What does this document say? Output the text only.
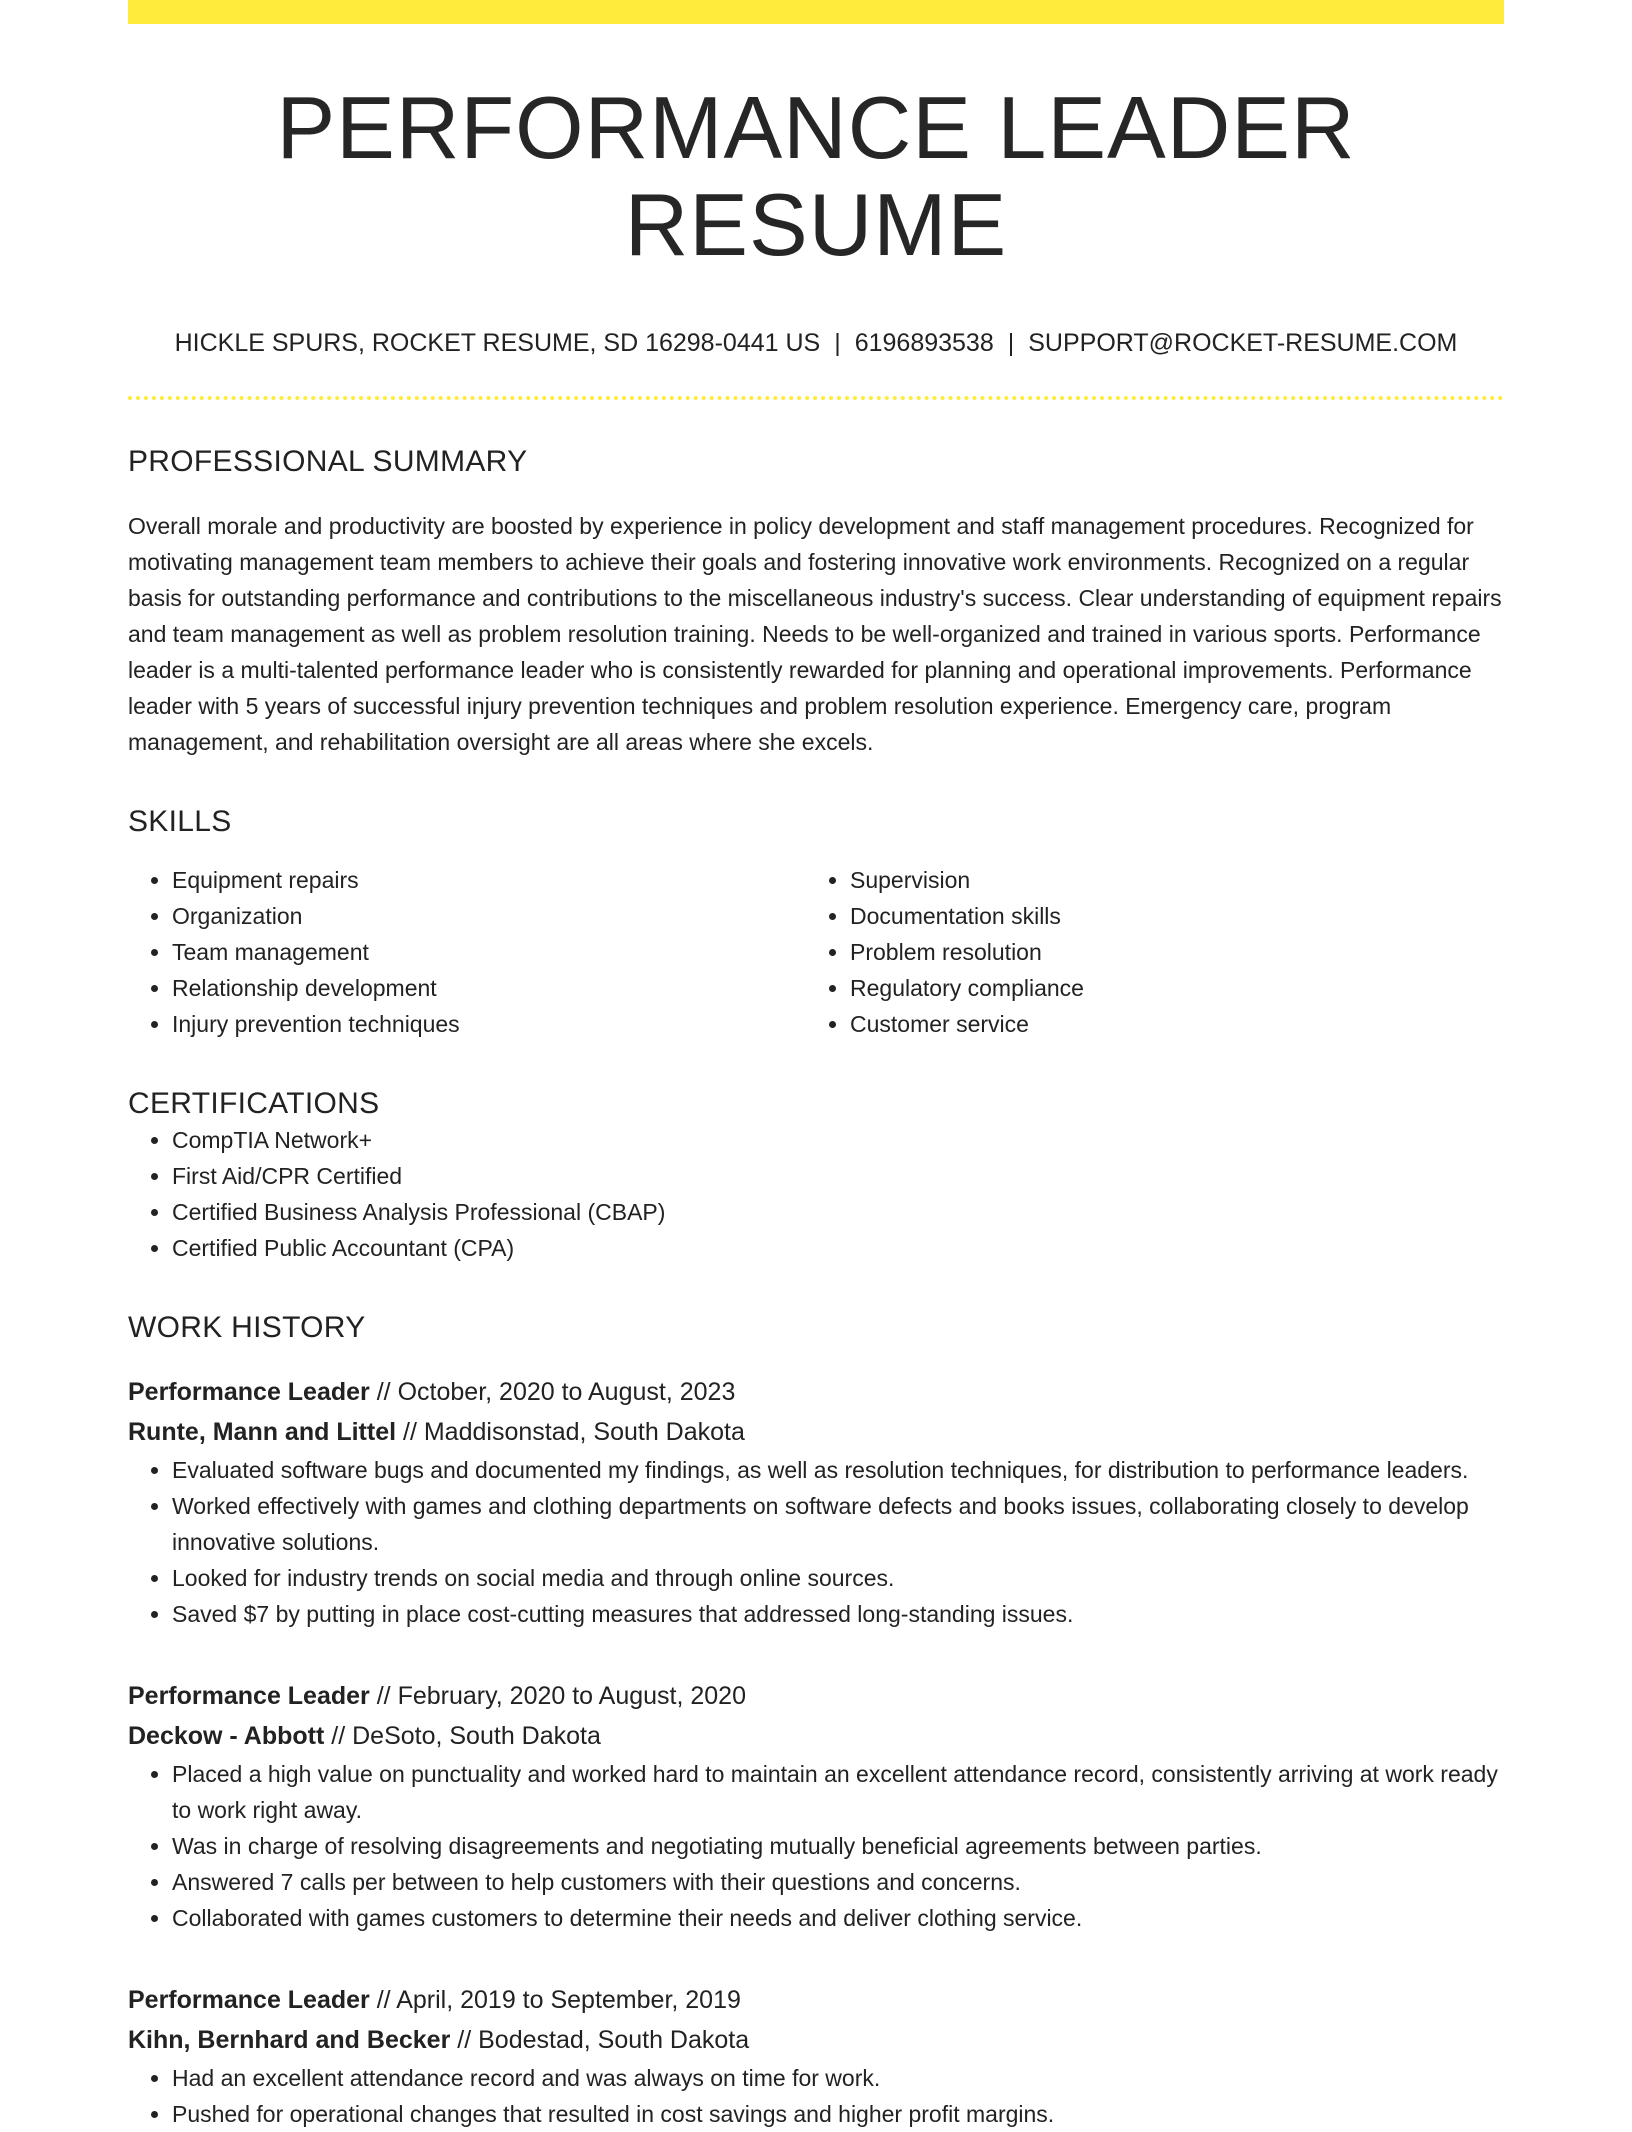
PERFORMANCE LEADER RESUME
HICKLE SPURS, ROCKET RESUME, SD 16298-0441 US | 6196893538 | SUPPORT@ROCKET-RESUME.COM
PROFESSIONAL SUMMARY

Overall morale and productivity are boosted by experience in policy development and staff management procedures. Recognized for motivating management team members to achieve their goals and fostering innovative work environments. Recognized on a regular basis for outstanding performance and contributions to the miscellaneous industry's success. Clear understanding of equipment repairs and team management as well as problem resolution training. Needs to be well-organized and trained in various sports. Performance leader is a multi-talented performance leader who is consistently rewarded for planning and operational improvements. Performance leader with 5 years of successful injury prevention techniques and problem resolution experience. Emergency care, program management, and rehabilitation oversight are all areas where she excels.

SKILLS
• Equipment repairs
• Organization
• Team management
• Relationship development
• Injury prevention techniques
• Supervision
• Documentation skills
• Problem resolution
• Regulatory compliance
• Customer service
CERTIFICATIONS
• CompTIA Network+
• First Aid/CPR Certified
• Certified Business Analysis Professional (CBAP)
• Certified Public Accountant (CPA)
WORK HISTORY
Performance Leader // October, 2020 to August, 2023
Runte, Mann and Littel // Maddisonstad, South Dakota
• Evaluated software bugs and documented my findings, as well as resolution techniques, for distribution to performance leaders.
• Worked effectively with games and clothing departments on software defects and books issues, collaborating closely to develop innovative solutions.
• Looked for industry trends on social media and through online sources.
• Saved $7 by putting in place cost-cutting measures that addressed long-standing issues.
Performance Leader // February, 2020 to August, 2020
Deckow - Abbott // DeSoto, South Dakota
• Placed a high value on punctuality and worked hard to maintain an excellent attendance record, consistently arriving at work ready to work right away.
• Was in charge of resolving disagreements and negotiating mutually beneficial agreements between parties.
• Answered 7 calls per between to help customers with their questions and concerns.
• Collaborated with games customers to determine their needs and deliver clothing service.
Performance Leader // April, 2019 to September, 2019
Kihn, Bernhard and Becker // Bodestad, South Dakota
• Had an excellent attendance record and was always on time for work.
• Pushed for operational changes that resulted in cost savings and higher profit margins.
